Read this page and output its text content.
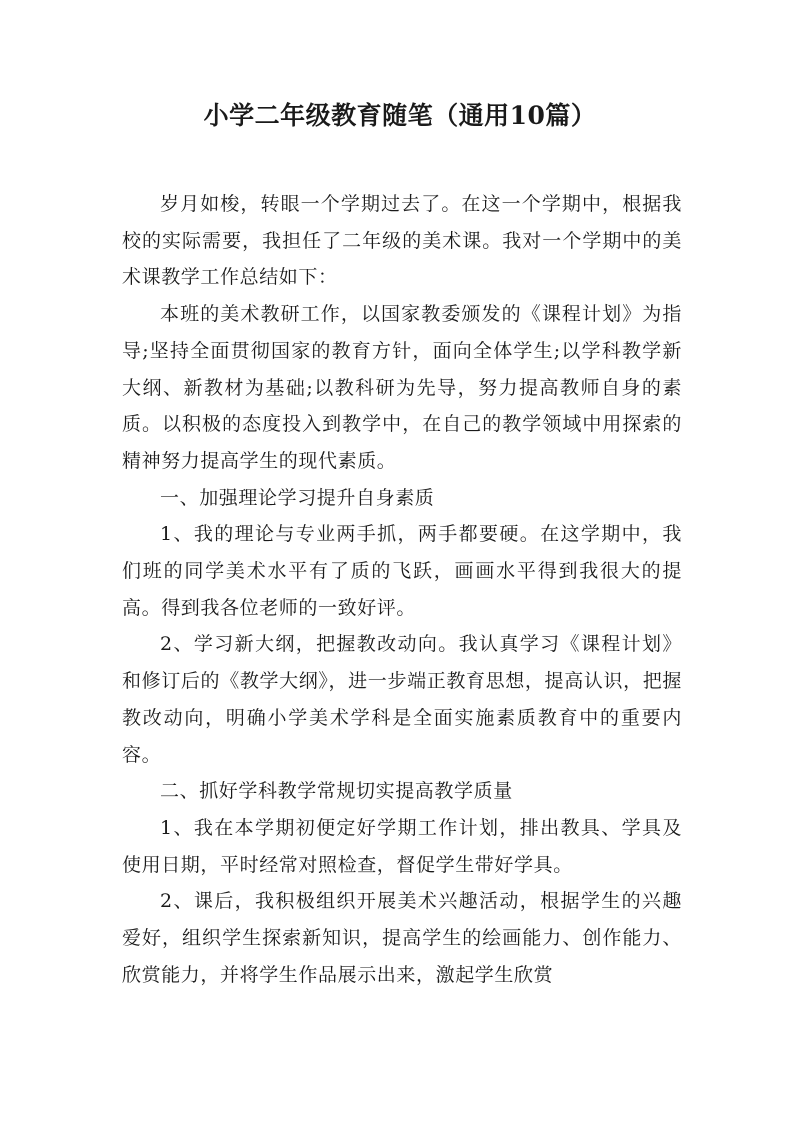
小学二年级教育随笔（通用10篇）

岁月如梭，转眼一个学期过去了。在这一个学期中，根据我校的实际需要，我担任了二年级的美术课。我对一个学期中的美术课教学工作总结如下：

本班的美术教研工作，以国家教委颁发的《课程计划》为指导;坚持全面贯彻国家的教育方针，面向全体学生;以学科教学新大纲、新教材为基础;以教科研为先导，努力提高教师自身的素质。以积极的态度投入到教学中，在自己的教学领域中用探索的精神努力提高学生的现代素质。

一、加强理论学习提升自身素质

1、我的理论与专业两手抓，两手都要硬。在这学期中，我们班的同学美术水平有了质的飞跃，画画水平得到我很大的提高。得到我各位老师的一致好评。

2、学习新大纲，把握教改动向。我认真学习《课程计划》和修订后的《教学大纲》，进一步端正教育思想，提高认识，把握教改动向，明确小学美术学科是全面实施素质教育中的重要内容。

二、抓好学科教学常规切实提高教学质量

1、我在本学期初便定好学期工作计划，排出教具、学具及使用日期，平时经常对照检查，督促学生带好学具。

2、课后，我积极组织开展美术兴趣活动，根据学生的兴趣爱好，组织学生探索新知识，提高学生的绘画能力、创作能力、欣赏能力，并将学生作品展示出来，激起学生欣赏
